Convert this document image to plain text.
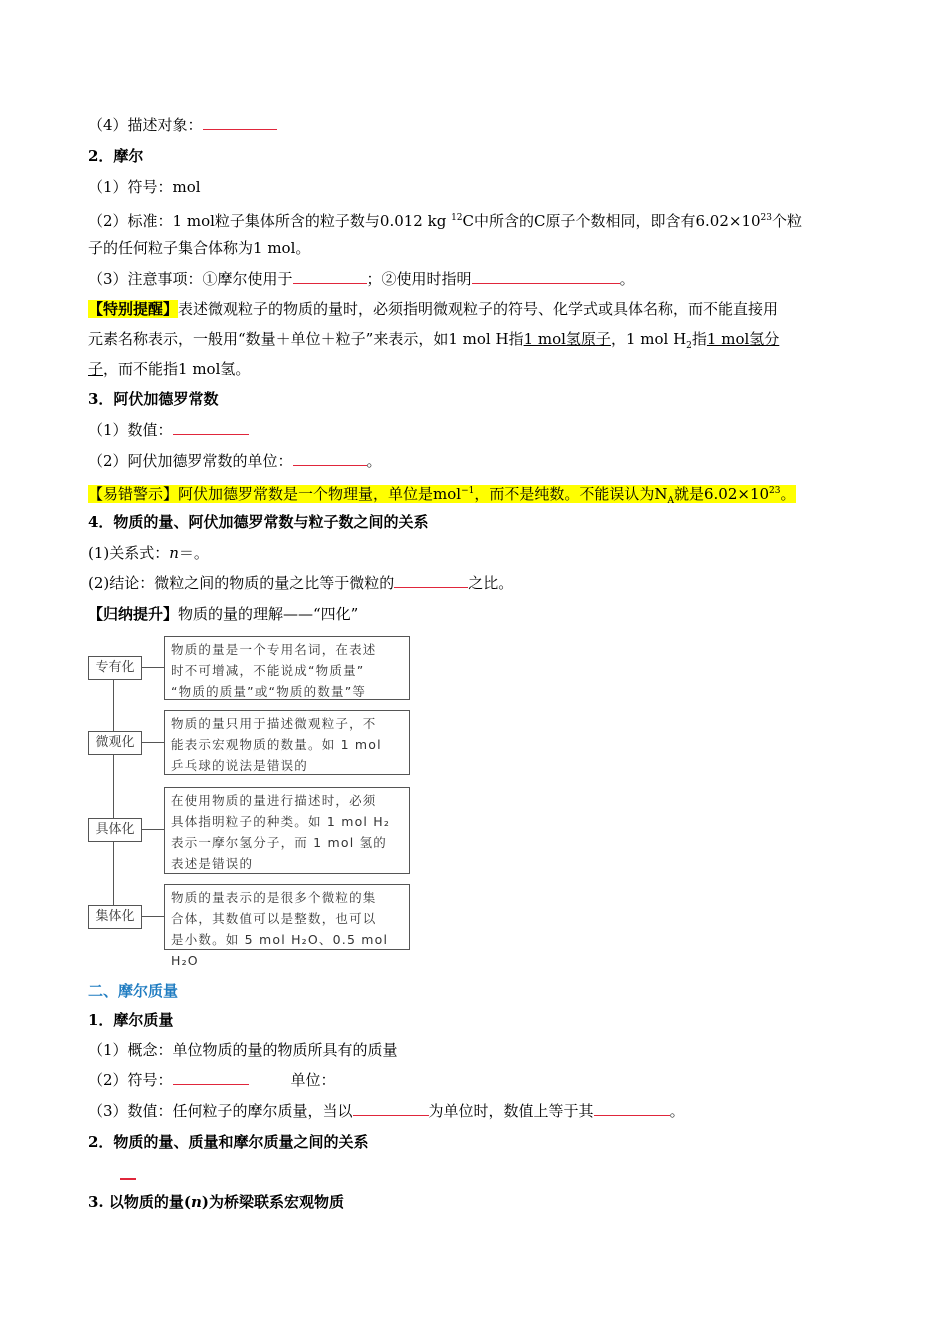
（4）描述对象：
2．摩尔
（1）符号：mol
（2）标准：1 mol粒子集体所含的粒子数与0.012 kg $^{12}$C中所含的C原子个数相同，即含有$6.02\times 10^{23}$个粒
子的任何粒子集合体称为1 mol。
（3）注意事项：①摩尔使用于	；②使用时指明	。
【特别提醒】表述微观粒子的物质的量时，必须指明微观粒子的符号、化学式或具体名称，而不能直接用
元素名称表示，一般用“数量＋单位＋粒子”来表示，如1 mol H指1 mol氢原子，1 mol $H_2$指1 mol氢分
子，而不能指1 mol氢。
3．阿伏加德罗常数
（1）数值：
（2）阿伏加德罗常数的单位：	。
【易错警示】阿伏加德罗常数是一个物理量，单位是mol$^{-1}$，而不是纯数。不能误认为$N_A$就是$6.02\times 10^{23}$。
4．物质的量、阿伏加德罗常数与粒子数之间的关系
(1)关系式：n＝。
(2)结论：微粒之间的物质的量之比等于微粒的	之比。
【归纳提升】物质的量的理解——“四化”
专有化
物质的量是一个专用名词，在表述
时不可增减，不能说成“物质量”
“物质的质量”或“物质的数量”等
微观化
物质的量只用于描述微观粒子，不
能表示宏观物质的数量。如 1 mol
乒乓球的说法是错误的
具体化
在使用物质的量进行描述时，必须
具体指明粒子的种类。如 1 mol H₂
表示一摩尔氢分子，而 1 mol 氢的
表述是错误的
集体化
物质的量表示的是很多个微粒的集
合体，其数值可以是整数，也可以
是小数。如 5 mol H₂O、0.5 mol H₂O
二、摩尔质量
1．摩尔质量
（1）概念：单位物质的量的物质所具有的质量
（2）符号：	单位：
（3）数值：任何粒子的摩尔质量，当以	为单位时，数值上等于其	。
2．物质的量、质量和摩尔质量之间的关系
3. 以物质的量(n)为桥梁联系宏观物质
